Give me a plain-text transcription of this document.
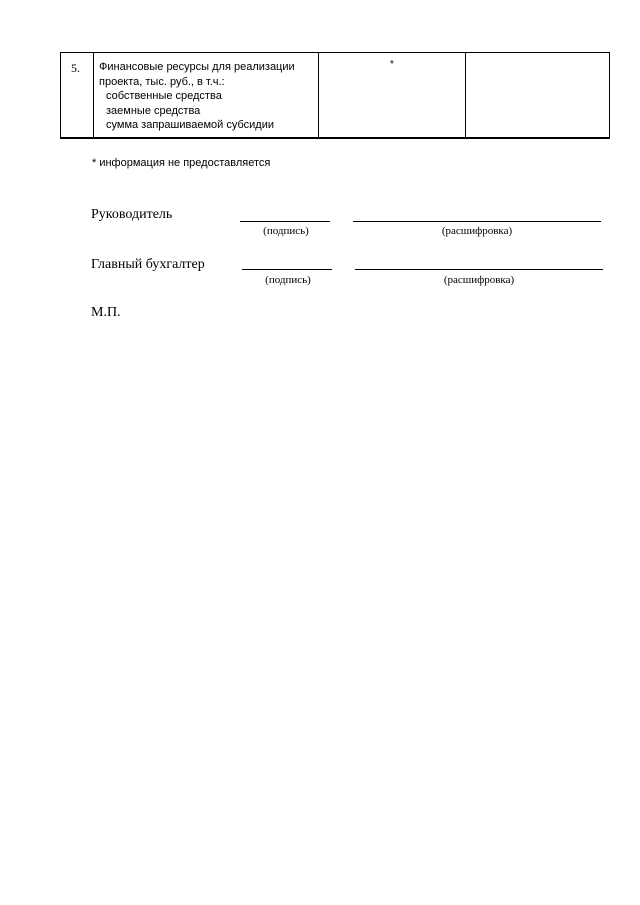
5. Финансовые ресурсы для реализации
проекта, тыс. руб., в т.ч.:
собственные средства
заемные средства
сумма запрашиваемой субсидии
*
* информация не предоставляется
Руководитель
(подпись)	(расшифровка)
Главный бухгалтер
(подпись)	(расшифровка)
М.П.
